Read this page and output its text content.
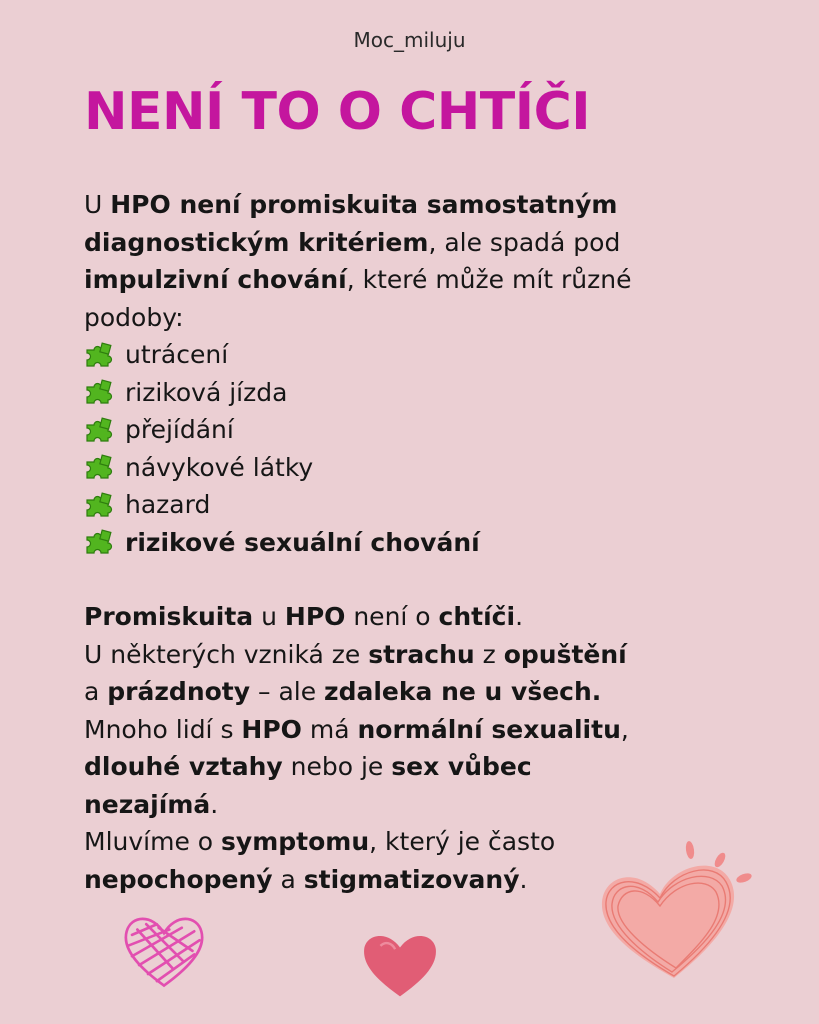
Moc_miluju
NENÍ TO O CHTÍČI

U HPO není promiskuita samostatným

diagnostickým kritériem, ale spadá pod

impulzivní chování, které může mít různé

podoby:

utrácení
riziková jízda
přejídání
návykové látky
hazard
rizikové sexuální chování

Promiskuita u HPO není o chtíči.

U některých vzniká ze strachu z opuštění

a prázdnoty – ale zdaleka ne u všech.

Mnoho lidí s HPO má normální sexualitu,

dlouhé vztahy nebo je sex vůbec

nezajímá.

Mluvíme o symptomu, který je často

nepochopený a stigmatizovaný.
